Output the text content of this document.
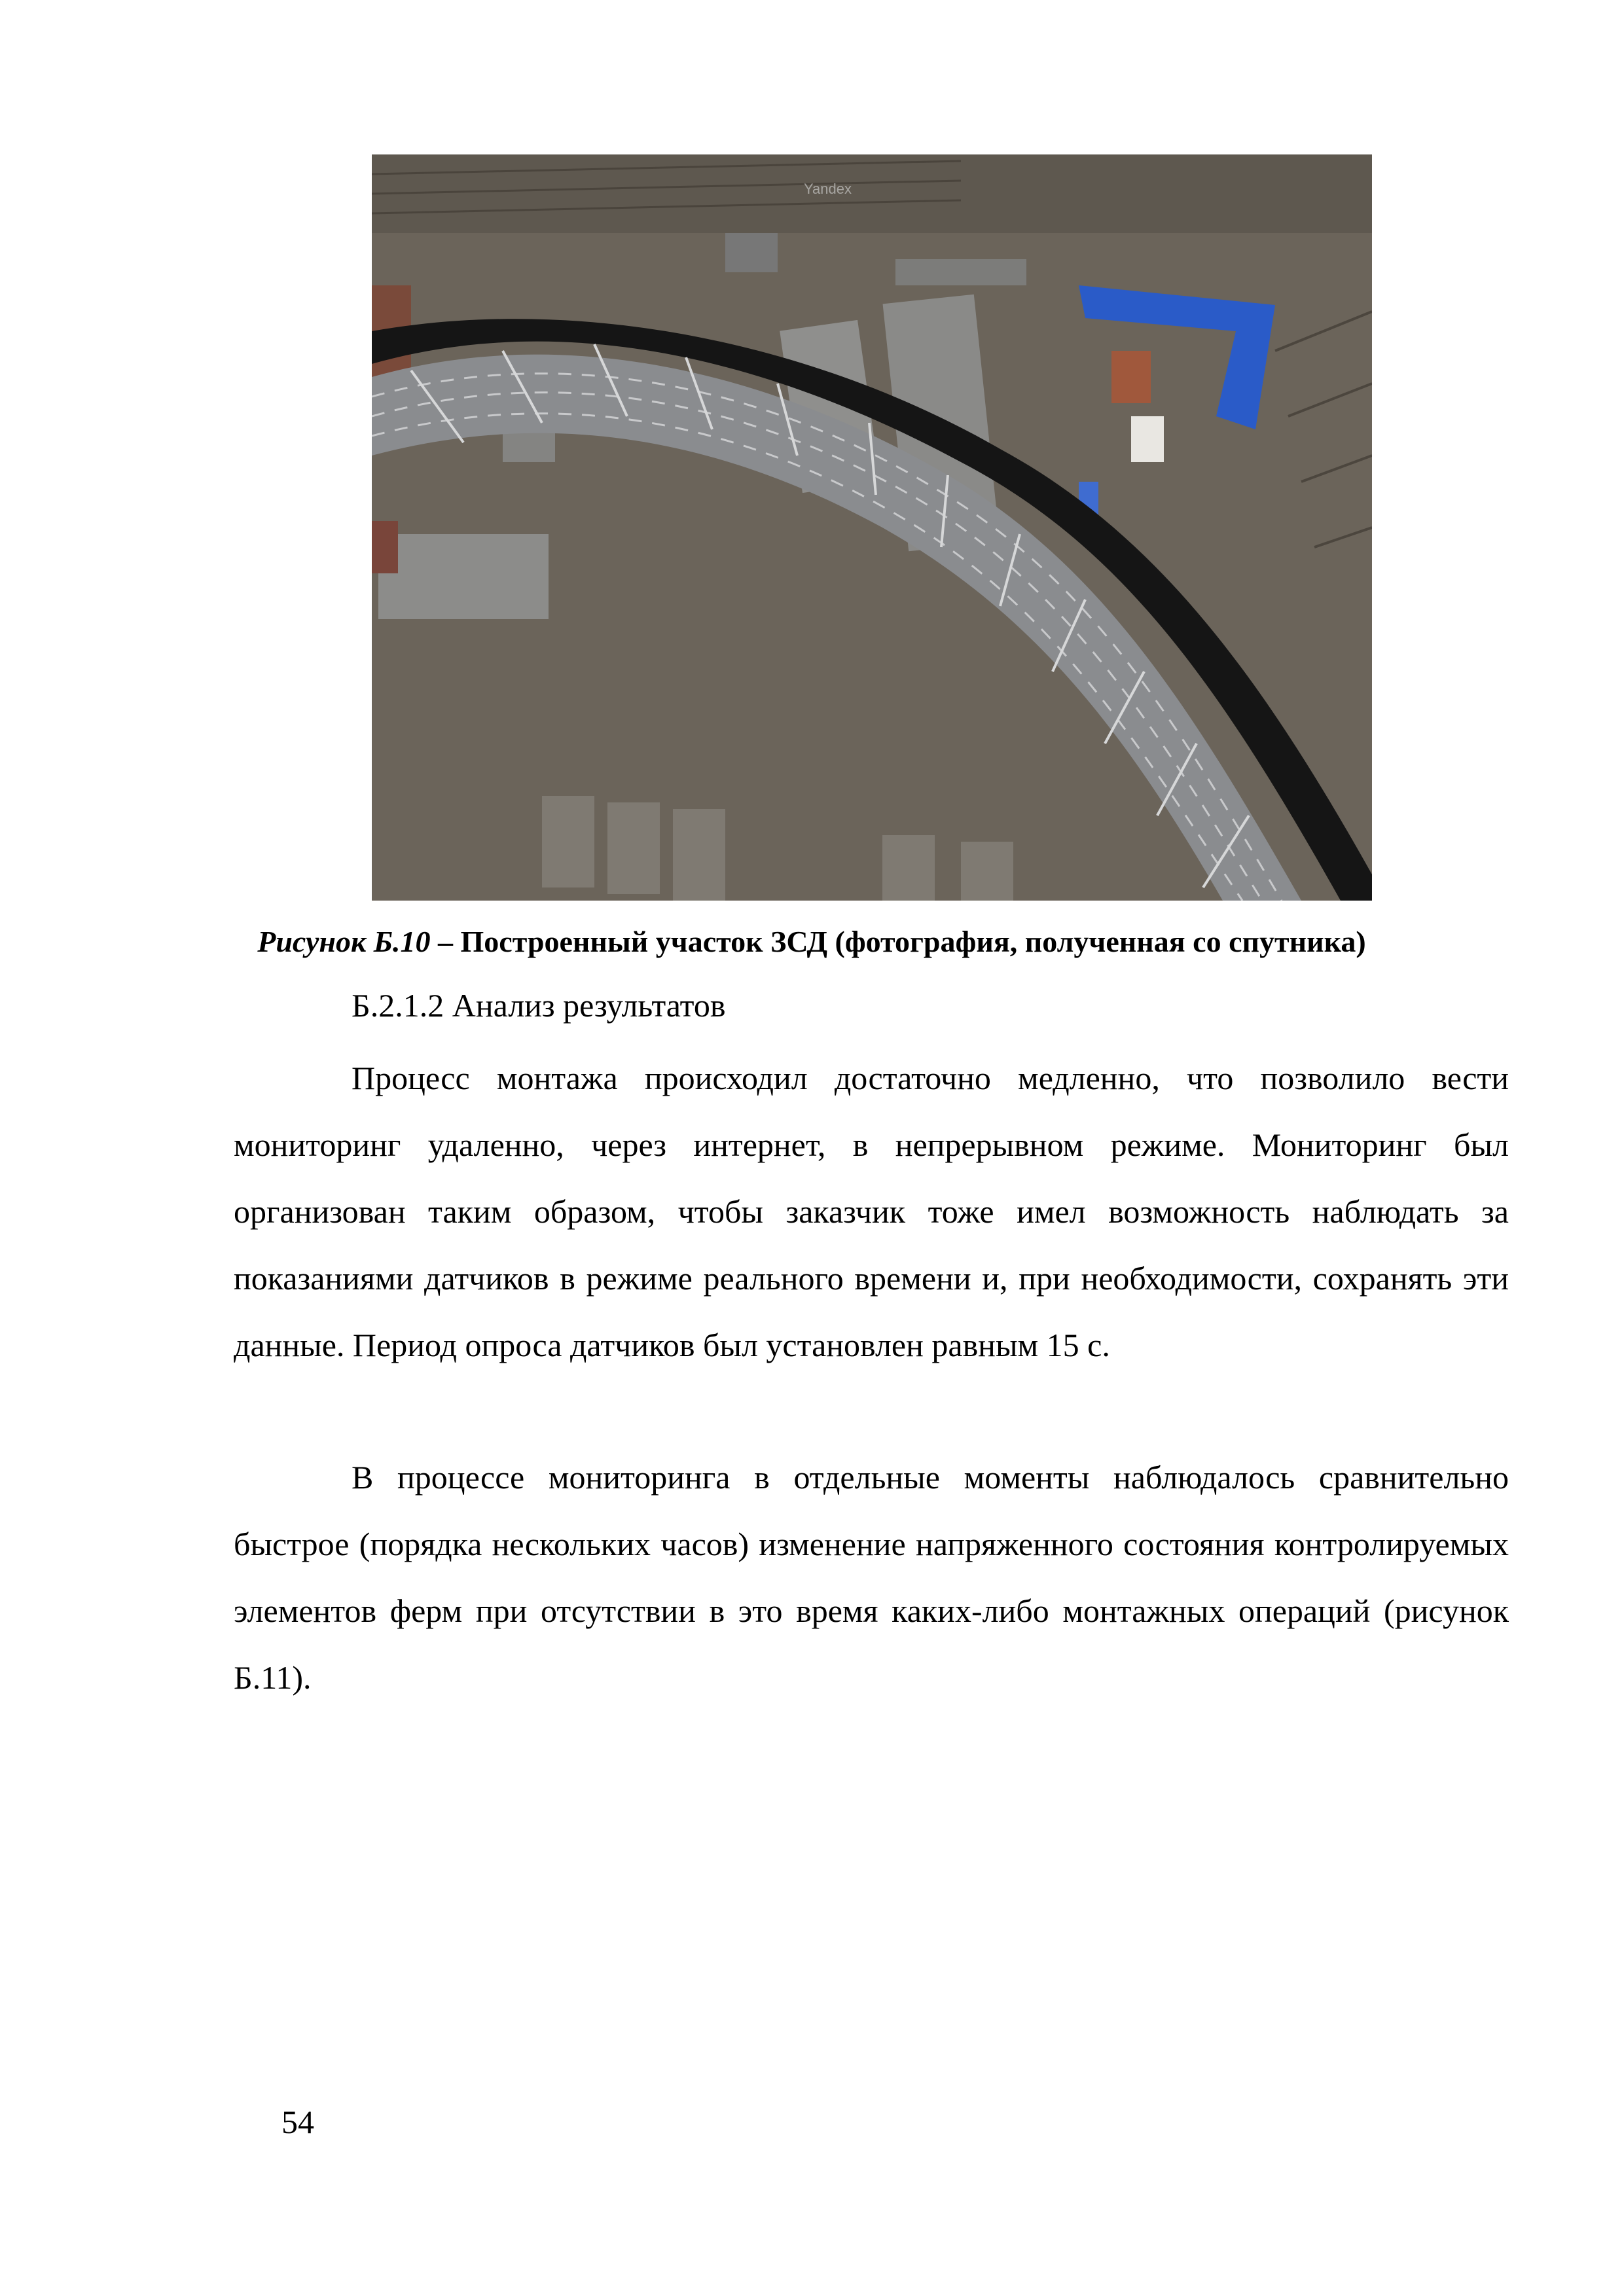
Yandex
Рисунок Б.10 – Построенный участок ЗСД (фотография, полученная со спутника)
Б.2.1.2 Анализ результатов

Процесс монтажа происходил достаточно медленно, что позволило вести мониторинг удаленно, через интернет, в непрерывном режиме. Мониторинг был организован таким образом, чтобы заказчик тоже имел возможность наблюдать за показаниями датчиков в режиме реального времени и, при необходимости, сохранять эти данные. Период опроса датчиков был установлен равным 15 с.

В процессе мониторинга в отдельные моменты наблюдалось сравнительно быстрое (порядка нескольких часов) изменение напряженного состояния контролируемых элементов ферм при отсутствии в это время каких-либо монтажных операций (рисунок Б.11).

54
